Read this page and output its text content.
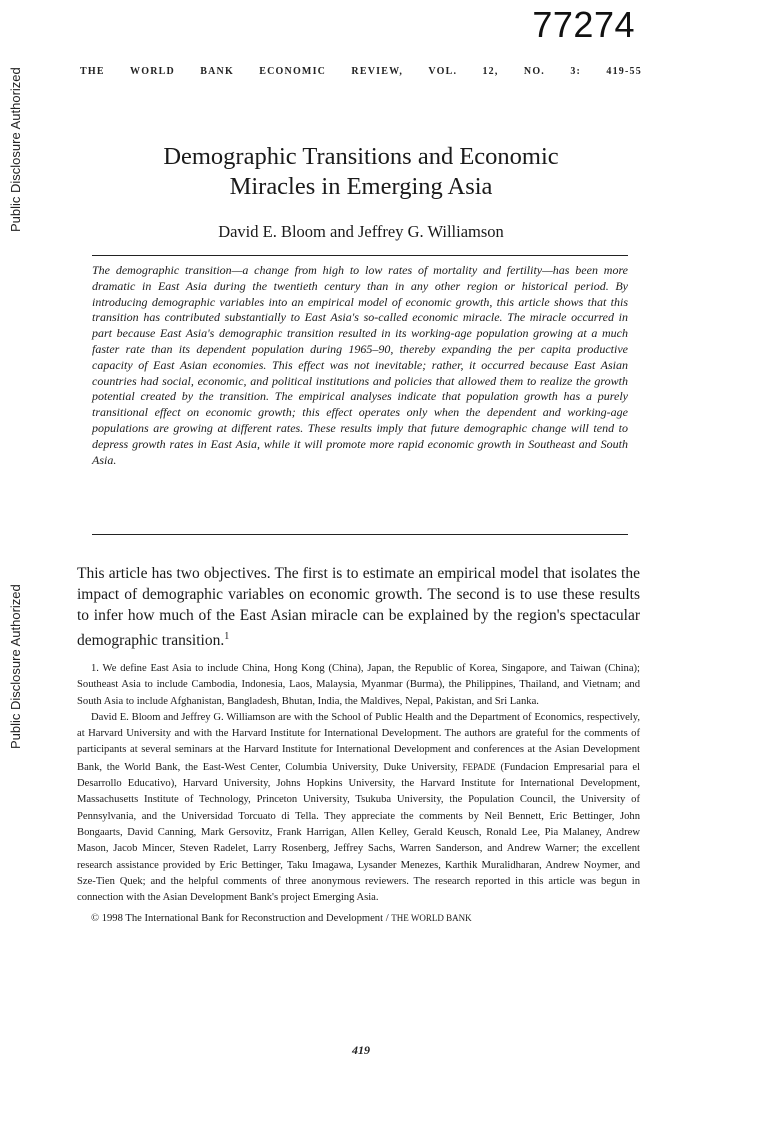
77274
Public Disclosure Authorized
Public Disclosure Authorized
THE	WORLD	BANK	ECONOMIC	REVIEW,	VOL.	12,	NO.	3:	419-55
Demographic Transitions and Economic
Miracles in Emerging Asia
David E. Bloom and Jeffrey G. Williamson
The demographic transition—a change from high to low rates of mortality and fertility—has been more dramatic in East Asia during the twentieth century than in any other region or historical period. By introducing demographic variables into an empirical model of economic growth, this article shows that this transition has contributed substantially to East Asia's so-called economic miracle. The miracle occurred in part because East Asia's demographic transition resulted in its working-age population growing at a much faster rate than its dependent population during 1965–90, thereby expanding the per capita productive capacity of East Asian economies. This effect was not inevitable; rather, it occurred because East Asian countries had social, economic, and political institutions and policies that allowed them to realize the growth potential created by the transition. The empirical analyses indicate that population growth has a purely transitional effect on economic growth; this effect operates only when the dependent and working-age populations are growing at different rates. These results imply that future demographic change will tend to depress growth rates in East Asia, while it will promote more rapid economic growth in Southeast and South Asia.

This article has two objectives. The first is to estimate an empirical model that isolates the impact of demographic variables on economic growth. The second is to use these results to infer how much of the East Asian miracle can be explained by the region's spectacular demographic transition.$^1$

1. We define East Asia to include China, Hong Kong (China), Japan, the Republic of Korea, Singapore, and Taiwan (China); Southeast Asia to include Cambodia, Indonesia, Laos, Malaysia, Myanmar (Burma), the Philippines, Thailand, and Vietnam; and South Asia to include Afghanistan, Bangladesh, Bhutan, India, the Maldives, Nepal, Pakistan, and Sri Lanka.

David E. Bloom and Jeffrey G. Williamson are with the School of Public Health and the Department of Economics, respectively, at Harvard University and with the Harvard Institute for International Development. The authors are grateful for the comments of participants at several seminars at the Harvard Institute for International Development and conferences at the Asian Development Bank, the World Bank, the East-West Center, Columbia University, Duke University, FEPADE (Fundacion Empresarial para el Desarrollo Educativo), Harvard University, Johns Hopkins University, the Harvard Institute for International Development, Massachusetts Institute of Technology, Princeton University, Tsukuba University, the Population Council, the University of Pennsylvania, and the Universidad Torcuato di Tella. They appreciate the comments by Neil Bennett, Eric Bettinger, John Bongaarts, David Canning, Mark Gersovitz, Frank Harrigan, Allen Kelley, Gerald Keusch, Ronald Lee, Pia Malaney, Andrew Mason, Jacob Mincer, Steven Radelet, Larry Rosenberg, Jeffrey Sachs, Warren Sanderson, and Andrew Warner; the excellent research assistance provided by Eric Bettinger, Taku Imagawa, Lysander Menezes, Karthik Muralidharan, Andrew Noymer, and Sze-Tien Quek; and the helpful comments of three anonymous reviewers. The research reported in this article was begun in connection with the Asian Development Bank's project Emerging Asia.

© 1998 The International Bank for Reconstruction and Development / THE WORLD BANK

419
